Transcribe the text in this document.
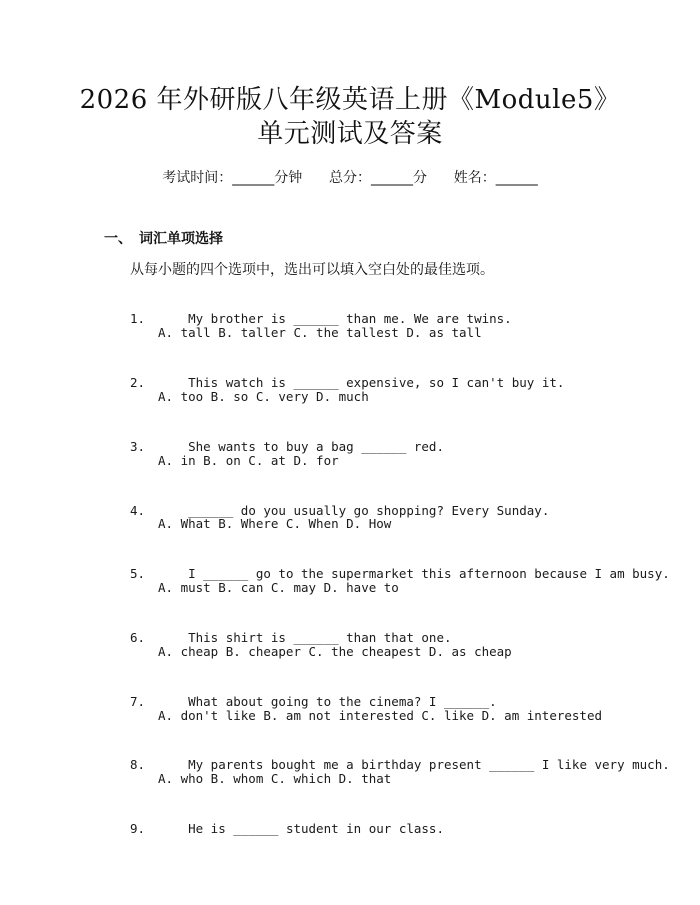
2026 年外研版八年级英语上册《Module5》
单元测试及答案
考试时间：______分钟 总分：______分 姓名：______
一、 词汇单项选择
从每小题的四个选项中，选出可以填入空白处的最佳选项。

1.	My brother is ______ than me. We are twins.

A. tall B. taller C. the tallest D. as tall

2.	This watch is ______ expensive, so I can't buy it.

A. too B. so C. very D. much

3.	She wants to buy a bag ______ red.

A. in B. on C. at D. for

4.	______ do you usually go shopping? Every Sunday.

A. What B. Where C. When D. How

5.	I ______ go to the supermarket this afternoon because I am busy.

A. must B. can C. may D. have to

6.	This shirt is ______ than that one.

A. cheap B. cheaper C. the cheapest D. as cheap

7.	What about going to the cinema? I ______.

A. don't like B. am not interested C. like D. am interested

8.	My parents bought me a birthday present ______ I like very much.

A. who B. whom C. which D. that

9.	He is ______ student in our class.
